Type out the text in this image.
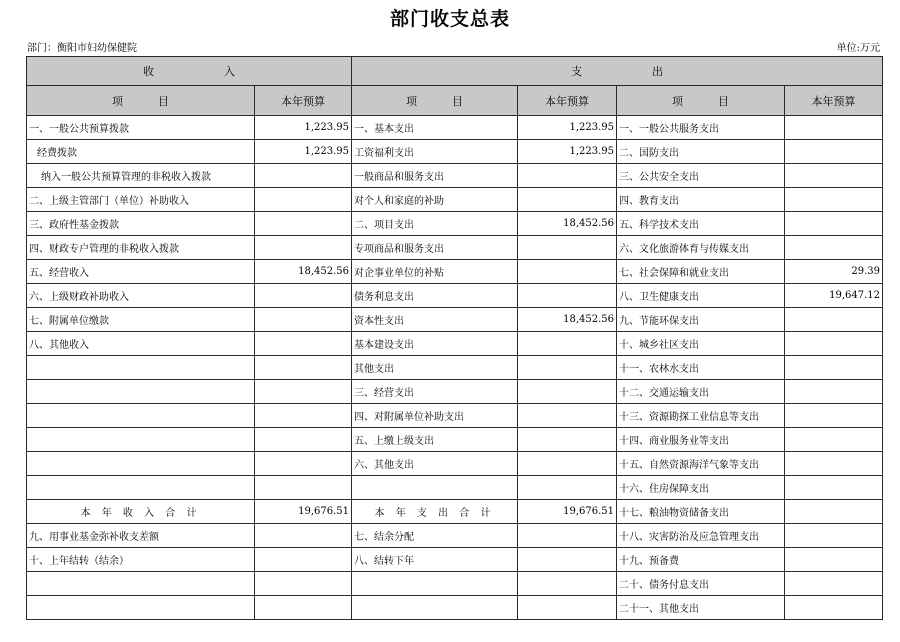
部门收支总表
部门：衡阳市妇幼保健院	单位:万元
收                    入		支                    出			
项          目	本年预算	项          目	本年预算	项          目	本年预算
一、一般公共预算拨款	1,223.95	一、基本支出	1,223.95	一、一般公共服务支出	
经费拨款	1,223.95	工资福利支出	1,223.95	二、国防支出	
纳入一般公共预算管理的非税收入拨款		一般商品和服务支出		三、公共安全支出	
二、上级主管部门（单位）补助收入		对个人和家庭的补助		四、教育支出	
三、政府性基金拨款		二、项目支出	18,452.56	五、科学技术支出	
四、财政专户管理的非税收入拨款		专项商品和服务支出		六、文化旅游体育与传媒支出	
五、经营收入	18,452.56	对企事业单位的补贴		七、社会保障和就业支出	29.39
六、上级财政补助收入		债务利息支出		八、卫生健康支出	19,647.12
七、附属单位缴款		资本性支出	18,452.56	九、节能环保支出	
八、其他收入		基本建设支出		十、城乡社区支出	
		其他支出		十一、农林水支出	
		三、经营支出		十二、交通运输支出	
		四、对附属单位补助支出		十三、资源勘探工业信息等支出	
		五、上缴上级支出		十四、商业服务业等支出	
		六、其他支出		十五、自然资源海洋气象等支出	
				十六、住房保障支出	
本 年 收 入 合 计	19,676.51	本 年 支 出 合 计	19,676.51	十七、粮油物资储备支出	
九、用事业基金弥补收支差额		七、结余分配		十八、灾害防治及应急管理支出	
十、上年结转（结余）		八、结转下年		十九、预备费	
				二十、债务付息支出	
				二十一、其他支出	
